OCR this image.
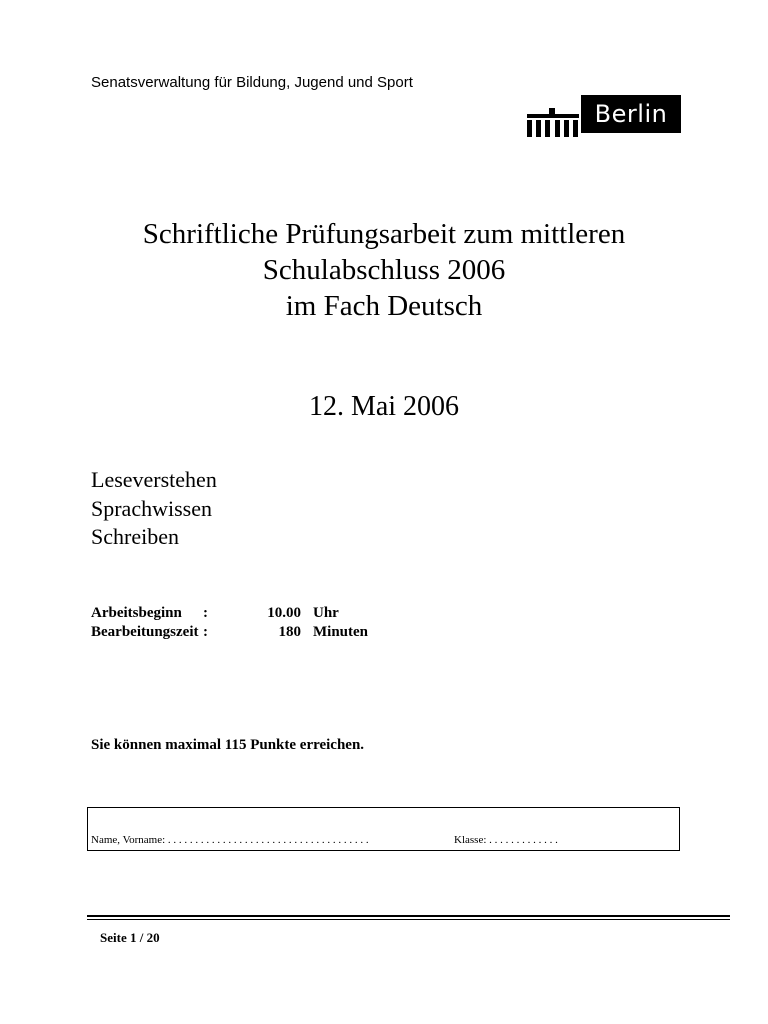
Senatsverwaltung für Bildung, Jugend und Sport
Berlin
Schriftliche Prüfungsarbeit zum mittleren
Schulabschluss 2006
im Fach Deutsch
12. Mai 2006
Leseverstehen
Sprachwissen
Schreiben
Arbeitsbeginn	:	10.00	Uhr
Bearbeitungszeit	:	180	Minuten
Sie können maximal 115 Punkte erreichen.
Name, Vorname: . . . . . . . . . . . . . . . . . . . . . . . . . . . . . . . . . . . . .	Klasse: . . . . . . . . . . . . .
Seite 1 / 20
